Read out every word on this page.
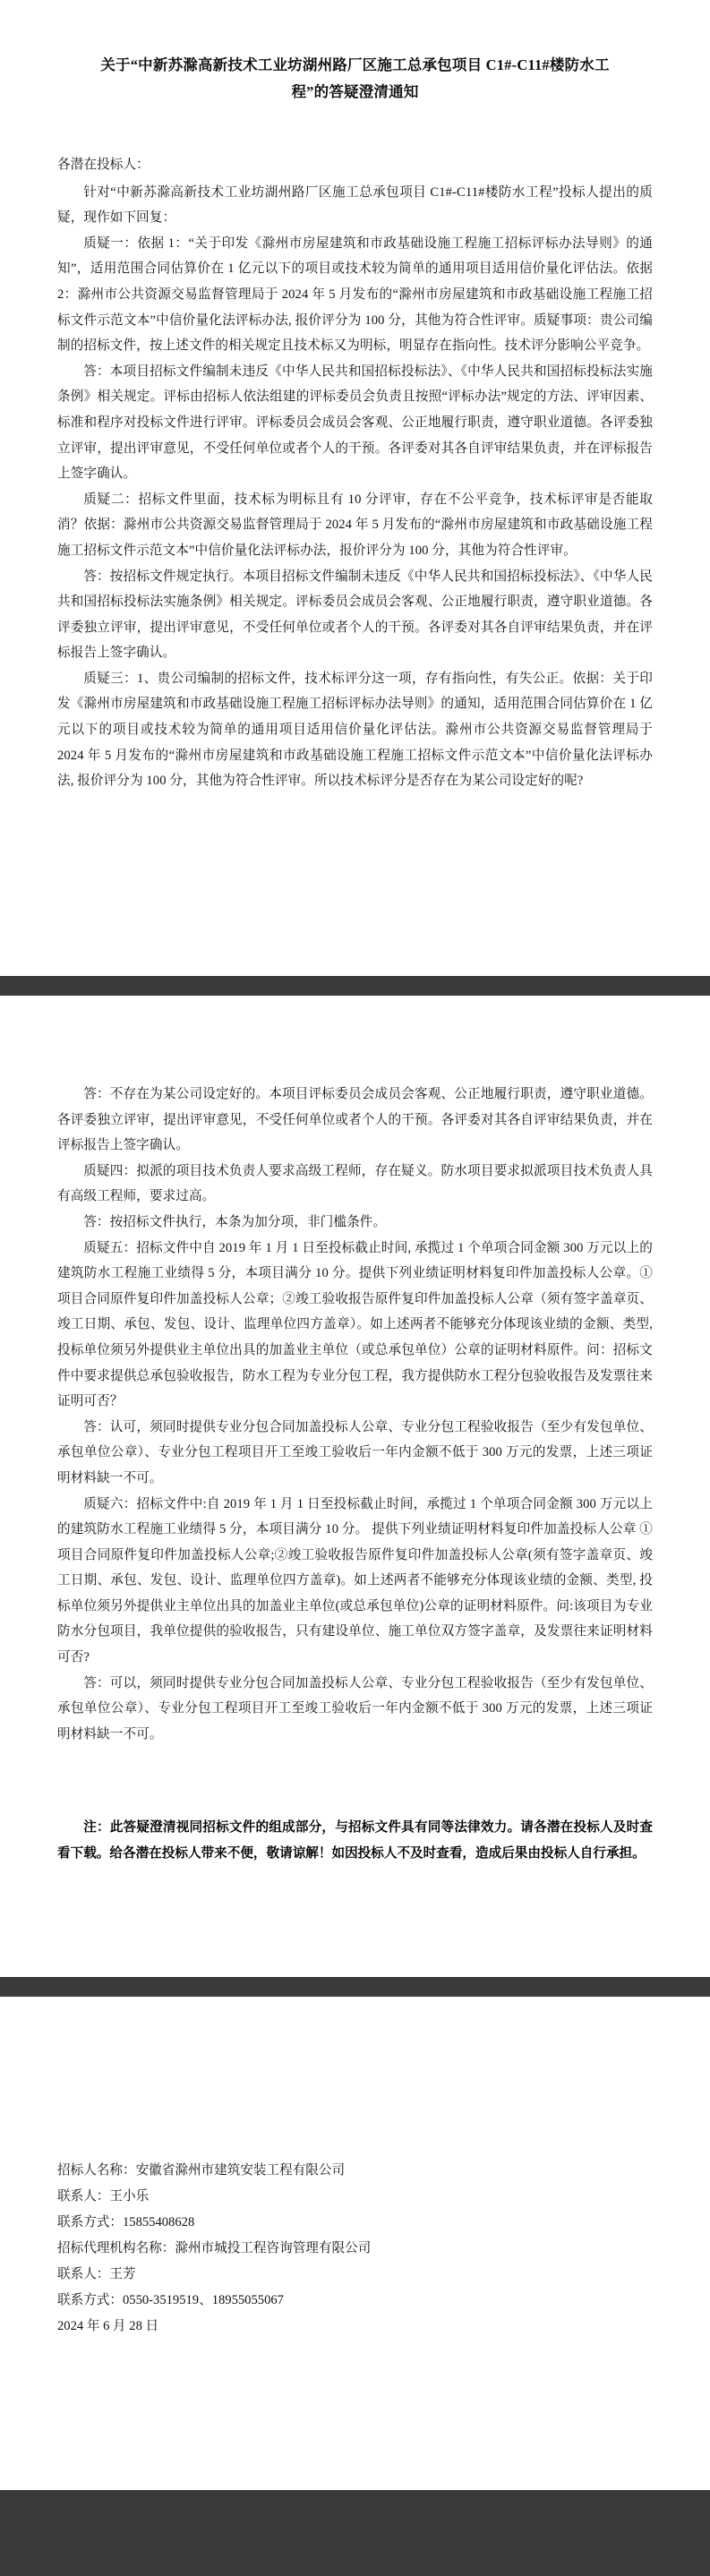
关于“中新苏滁高新技术工业坊湖州路厂区施工总承包项目 C1#-C11#楼防水工
程”的答疑澄清通知

各潜在投标人：

针对“中新苏滁高新技术工业坊湖州路厂区施工总承包项目 C1#-C11#楼防水工程”投标人提出的质疑，现作如下回复：

质疑一：依据 1：“关于印发《滁州市房屋建筑和市政基础设施工程施工招标评标办法导则》的通知”，适用范围合同估算价在 1 亿元以下的项目或技术较为简单的通用项目适用信价量化评估法。依据 2：滁州市公共资源交易监督管理局于 2024 年 5 月发布的“滁州市房屋建筑和市政基础设施工程施工招标文件示范文本”中信价量化法评标办法, 报价评分为 100 分，其他为符合性评审。质疑事项：贵公司编制的招标文件，按上述文件的相关规定且技术标又为明标，明显存在指向性。技术评分影响公平竞争。

答：本项目招标文件编制未违反《中华人民共和国招标投标法》、《中华人民共和国招标投标法实施条例》相关规定。评标由招标人依法组建的评标委员会负责且按照“评标办法”规定的方法、评审因素、标准和程序对投标文件进行评审。评标委员会成员会客观、公正地履行职责，遵守职业道德。各评委独立评审，提出评审意见，不受任何单位或者个人的干预。各评委对其各自评审结果负责，并在评标报告上签字确认。

质疑二：招标文件里面，技术标为明标且有 10 分评审，存在不公平竞争，技术标评审是否能取消？依据：滁州市公共资源交易监督管理局于 2024 年 5 月发布的“滁州市房屋建筑和市政基础设施工程施工招标文件示范文本”中信价量化法评标办法，报价评分为 100 分，其他为符合性评审。

答：按招标文件规定执行。本项目招标文件编制未违反《中华人民共和国招标投标法》、《中华人民共和国招标投标法实施条例》相关规定。评标委员会成员会客观、公正地履行职责，遵守职业道德。各评委独立评审，提出评审意见，不受任何单位或者个人的干预。各评委对其各自评审结果负责，并在评标报告上签字确认。

质疑三：1、贵公司编制的招标文件，技术标评分这一项，存有指向性，有失公正。依据：关于印发《滁州市房屋建筑和市政基础设施工程施工招标评标办法导则》的通知，适用范围合同估算价在 1 亿元以下的项目或技术较为简单的通用项目适用信价量化评估法。滁州市公共资源交易监督管理局于 2024 年 5 月发布的“滁州市房屋建筑和市政基础设施工程施工招标文件示范文本”中信价量化法评标办法, 报价评分为 100 分，其他为符合性评审。所以技术标评分是否存在为某公司设定好的呢?

答：不存在为某公司设定好的。本项目评标委员会成员会客观、公正地履行职责，遵守职业道德。各评委独立评审，提出评审意见，不受任何单位或者个人的干预。各评委对其各自评审结果负责，并在评标报告上签字确认。

质疑四：拟派的项目技术负责人要求高级工程师，存在疑义。防水项目要求拟派项目技术负责人具有高级工程师，要求过高。

答：按招标文件执行，本条为加分项，非门槛条件。

质疑五：招标文件中自 2019 年 1 月 1 日至投标截止时间, 承揽过 1 个单项合同金额 300 万元以上的建筑防水工程施工业绩得 5 分，本项目满分 10 分。提供下列业绩证明材料复印件加盖投标人公章。①项目合同原件复印件加盖投标人公章；②竣工验收报告原件复印件加盖投标人公章（须有签字盖章页、竣工日期、承包、发包、设计、监理单位四方盖章）。如上述两者不能够充分体现该业绩的金额、类型, 投标单位须另外提供业主单位出具的加盖业主单位（或总承包单位）公章的证明材料原件。问：招标文件中要求提供总承包验收报告，防水工程为专业分包工程，我方提供防水工程分包验收报告及发票往来证明可否？

答：认可，须同时提供专业分包合同加盖投标人公章、专业分包工程验收报告（至少有发包单位、承包单位公章）、专业分包工程项目开工至竣工验收后一年内金额不低于 300 万元的发票，上述三项证明材料缺一不可。

质疑六：招标文件中:自 2019 年 1 月 1 日至投标截止时间，承揽过 1 个单项合同金额 300 万元以上的建筑防水工程施工业绩得 5 分，本项目满分 10 分。 提供下列业绩证明材料复印件加盖投标人公章 ①项目合同原件复印件加盖投标人公章;②竣工验收报告原件复印件加盖投标人公章(须有签字盖章页、竣工日期、承包、发包、设计、监理单位四方盖章)。如上述两者不能够充分体现该业绩的金额、类型, 投标单位须另外提供业主单位出具的加盖业主单位(或总承包单位)公章的证明材料原件。问:该项目为专业防水分包项目，我单位提供的验收报告，只有建设单位、施工单位双方签字盖章，及发票往来证明材料可否?

答：可以，须同时提供专业分包合同加盖投标人公章、专业分包工程验收报告（至少有发包单位、承包单位公章）、专业分包工程项目开工至竣工验收后一年内金额不低于 300 万元的发票，上述三项证明材料缺一不可。

注：此答疑澄清视同招标文件的组成部分，与招标文件具有同等法律效力。请各潜在投标人及时查看下载。给各潜在投标人带来不便，敬请谅解！如因投标人不及时查看，造成后果由投标人自行承担。

招标人名称：安徽省滁州市建筑安装工程有限公司

联系人：王小乐

联系方式：15855408628

招标代理机构名称：滁州市城投工程咨询管理有限公司

联系人：王芳

联系方式：0550-3519519、18955055067

2024 年 6 月 28 日
